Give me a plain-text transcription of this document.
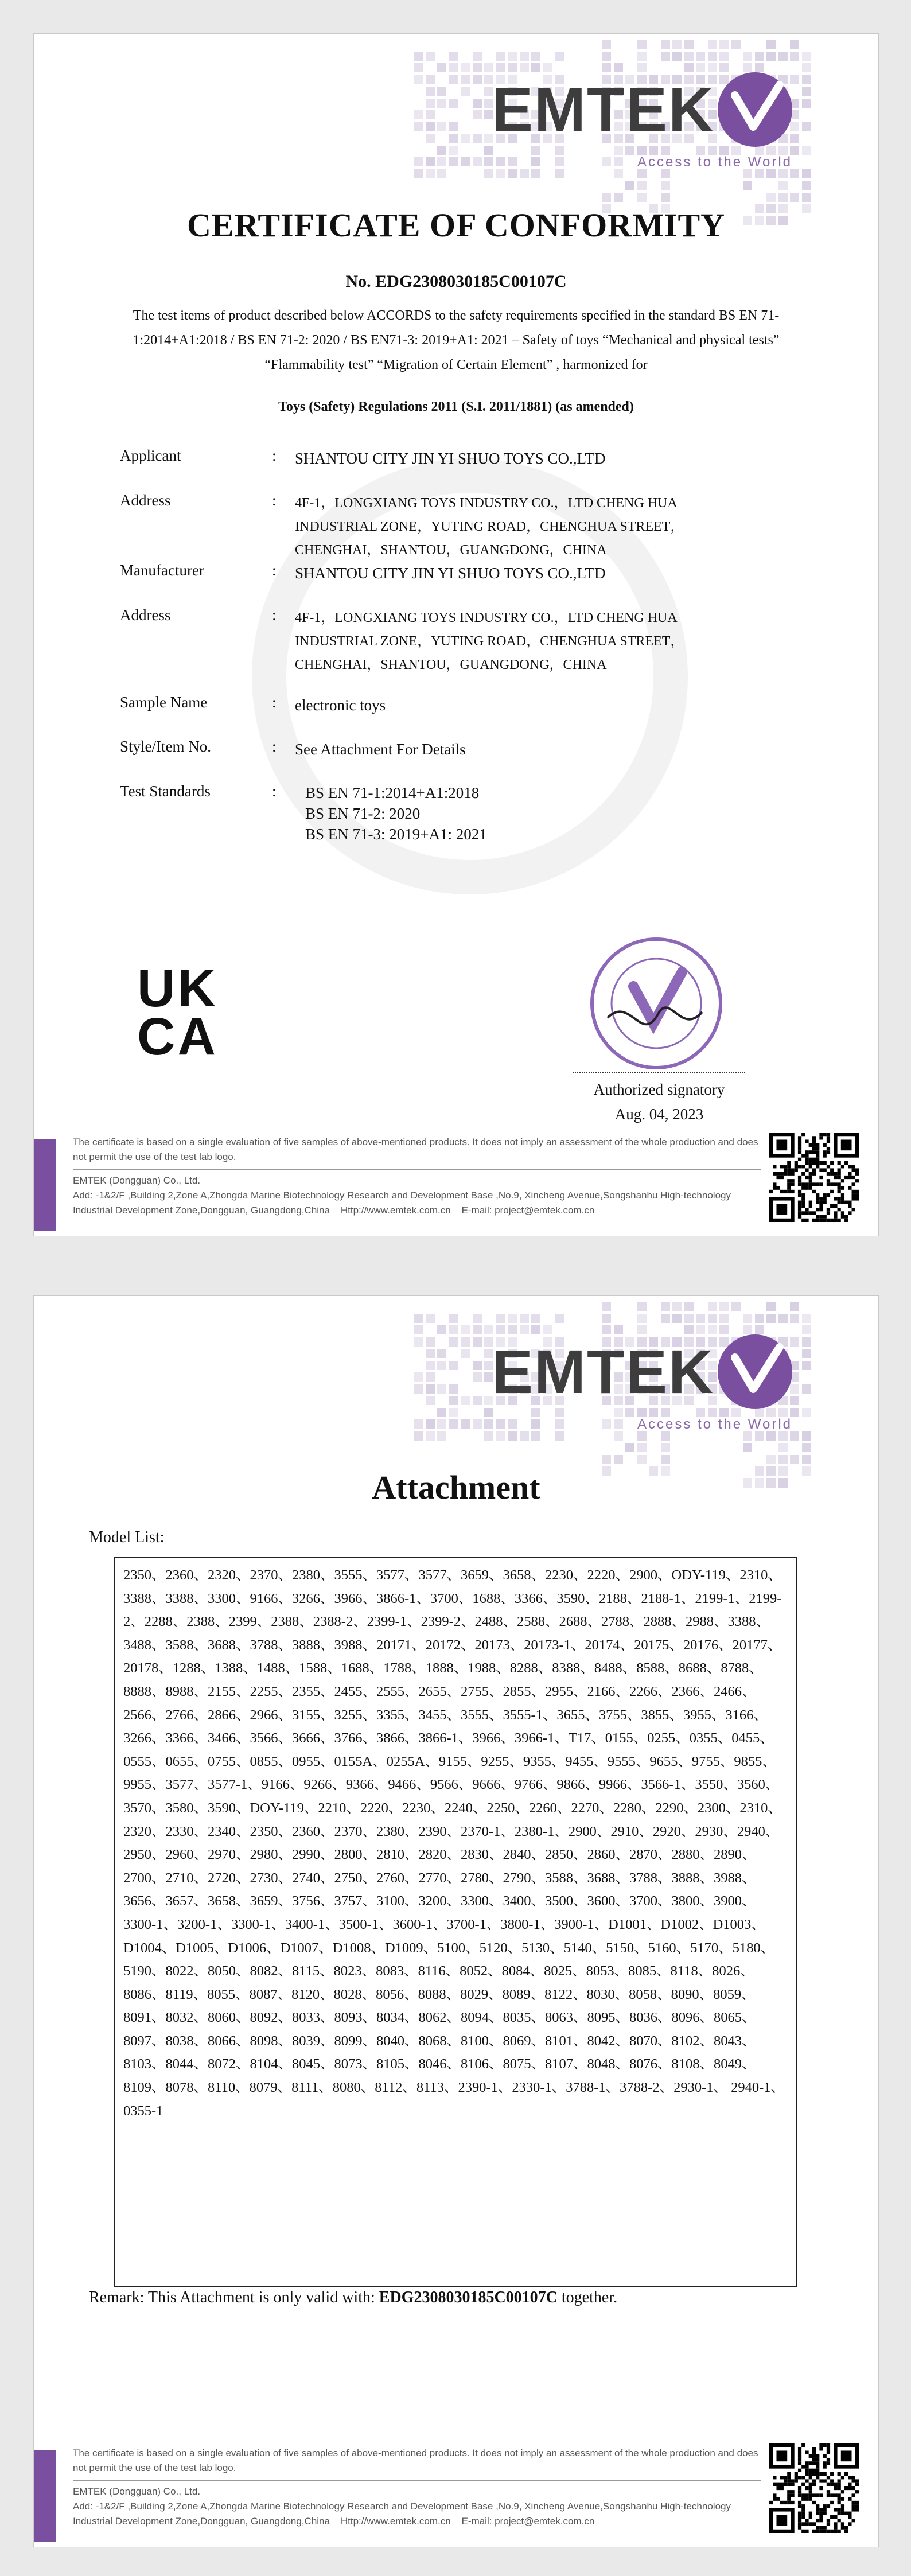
EMTEK
Access to the World
CERTIFICATE OF CONFORMITY
No. EDG2308030185C00107C
The test items of product described below ACCORDS to the safety requirements specified in the standard BS EN 71-1:2014+A1:2018 / BS EN 71-2: 2020 / BS EN71-3: 2019+A1: 2021 – Safety of toys “Mechanical and physical tests” “Flammability test” “Migration of Certain Element” , harmonized for
Toys (Safety) Regulations 2011 (S.I. 2011/1881) (as amended)
Applicant	:	SHANTOU CITY JIN YI SHUO TOYS CO.,LTD
Address	:	4F-1，LONGXIANG TOYS INDUSTRY CO.，LTD CHENG HUA
INDUSTRIAL ZONE，YUTING ROAD，CHENGHUA STREET，
CHENGHAI，SHANTOU，GUANGDONG，CHINA
Manufacturer	:	SHANTOU CITY JIN YI SHUO TOYS CO.,LTD
Address	:	4F-1，LONGXIANG TOYS INDUSTRY CO.，LTD CHENG HUA
INDUSTRIAL ZONE，YUTING ROAD，CHENGHUA STREET，
CHENGHAI，SHANTOU，GUANGDONG，CHINA
Sample Name	:	electronic toys
Style/Item No.	:	See Attachment For Details
Test Standards	:	BS EN 71-1:2014+A1:2018
BS EN 71-2: 2020
BS EN 71-3: 2019+A1: 2021
UK
CA
Authorized signatory
Aug. 04, 2023
The certificate is based on a single evaluation of five samples of above-mentioned products. It does not imply an assessment of the whole production and does not permit the use of the test lab logo.
EMTEK (Dongguan) Co., Ltd.
Add: -1&2/F ,Building 2,Zone A,Zhongda Marine Biotechnology Research and Development Base ,No.9, Xincheng Avenue,Songshanhu High-technology
Industrial Development Zone,Dongguan, Guangdong,China Http://www.emtek.com.cn E-mail: project@emtek.com.cn
EMTEK
Access to the World
Attachment
Model List:
2350、2360、2320、2370、2380、3555、3577、3577、3659、3658、2230、2220、2900、ODY-119、2310、3388、3388、3300、9166、3266、3966、3866-1、3700、1688、3366、3590、2188、2188-1、2199-1、2199-2、2288、2388、2399、2388、2388-2、2399-1、2399-2、2488、2588、2688、2788、2888、2988、3388、3488、3588、3688、3788、3888、3988、20171、20172、20173、20173-1、20174、20175、20176、20177、20178、1288、1388、1488、1588、1688、1788、1888、1988、8288、8388、8488、8588、8688、8788、8888、8988、2155、2255、2355、2455、2555、2655、2755、2855、2955、2166、2266、2366、2466、2566、2766、2866、2966、3155、3255、3355、3455、3555、3555-1、3655、3755、3855、3955、3166、3266、3366、3466、3566、3666、3766、3866、3866-1、3966、3966-1、T17、0155、0255、0355、0455、0555、0655、0755、0855、0955、0155A、0255A、9155、9255、9355、9455、9555、9655、9755、9855、9955、3577、3577-1、9166、9266、9366、9466、9566、9666、9766、9866、9966、3566-1、3550、3560、3570、3580、3590、DOY-119、2210、2220、2230、2240、2250、2260、2270、2280、2290、2300、2310、2320、2330、2340、2350、2360、2370、2380、2390、2370-1、2380-1、2900、2910、2920、2930、2940、2950、2960、2970、2980、2990、2800、2810、2820、2830、2840、2850、2860、2870、2880、2890、2700、2710、2720、2730、2740、2750、2760、2770、2780、2790、3588、3688、3788、3888、3988、3656、3657、3658、3659、3756、3757、3100、3200、3300、3400、3500、3600、3700、3800、3900、3300-1、3200-1、3300-1、3400-1、3500-1、3600-1、3700-1、3800-1、3900-1、D1001、D1002、D1003、D1004、D1005、D1006、D1007、D1008、D1009、5100、5120、5130、5140、5150、5160、5170、5180、5190、8022、8050、8082、8115、8023、8083、8116、8052、8084、8025、8053、8085、8118、8026、8086、8119、8055、8087、8120、8028、8056、8088、8029、8089、8122、8030、8058、8090、8059、8091、8032、8060、8092、8033、8093、8034、8062、8094、8035、8063、8095、8036、8096、8065、8097、8038、8066、8098、8039、8099、8040、8068、8100、8069、8101、8042、8070、8102、8043、8103、8044、8072、8104、8045、8073、8105、8046、8106、8075、8107、8048、8076、8108、8049、8109、8078、8110、8079、8111、8080、8112、8113、2390-1、2330-1、3788-1、3788-2、2930-1、 2940-1、0355-1
Remark: This Attachment is only valid with: EDG2308030185C00107C together.
The certificate is based on a single evaluation of five samples of above-mentioned products. It does not imply an assessment of the whole production and does not permit the use of the test lab logo.
EMTEK (Dongguan) Co., Ltd.
Add: -1&2/F ,Building 2,Zone A,Zhongda Marine Biotechnology Research and Development Base ,No.9, Xincheng Avenue,Songshanhu High-technology
Industrial Development Zone,Dongguan, Guangdong,China Http://www.emtek.com.cn E-mail: project@emtek.com.cn
